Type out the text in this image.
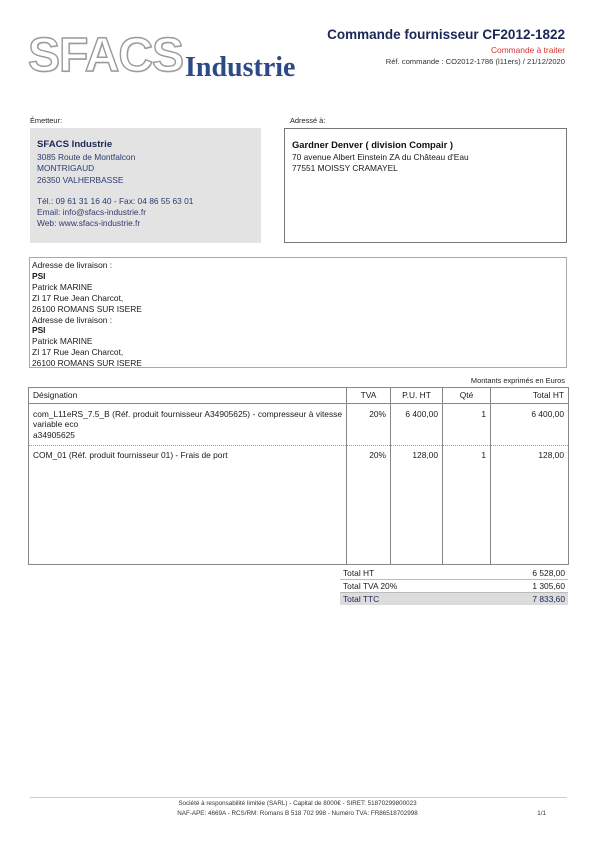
SFACS Industrie
Commande fournisseur CF2012-1822
Commande à traiter
Réf. commande : CO2012-1786 (l11ers) / 21/12/2020
Émetteur:
SFACS Industrie
3085 Route de Montfalcon
MONTRIGAUD
26350 VALHERBASSE
Tél.: 09 61 31 16 40 - Fax: 04 86 55 63 01
Email: info@sfacs-industrie.fr
Web: www.sfacs-industrie.fr
Adressé à:
Gardner Denver ( division Compair )
70 avenue Albert Einstein ZA du Château d'Eau
77551 MOISSY CRAMAYEL
Adresse de livraison :
PSI
Patrick MARINE
ZI 17 Rue Jean Charcot,
26100 ROMANS SUR ISERE
Adresse de livraison :
PSI
Patrick MARINE
ZI 17 Rue Jean Charcot,
26100 ROMANS SUR ISERE
Montants exprimés en Euros
Désignation	TVA	P.U. HT	Qté	Total HT

com_L11eRS_7.5_B (Réf. produit fournisseur A34905625) - compresseur à vitesse variable eco
a34905625	20%	6 400,00	1	6 400,00

COM_01 (Réf. produit fournisseur 01) - Frais de port	20%	128,00	1	128,00
Total HT	6 528,00
Total TVA 20%	1 305,60
Total TTC	7 833,60
Société à responsabilité limitée (SARL) - Capital de 8000€ - SIRET: 51870299800023
NAF-APE: 4669A - RCS/RM: Romans B 518 702 998 - Numéro TVA: FR86518702998	1/1
